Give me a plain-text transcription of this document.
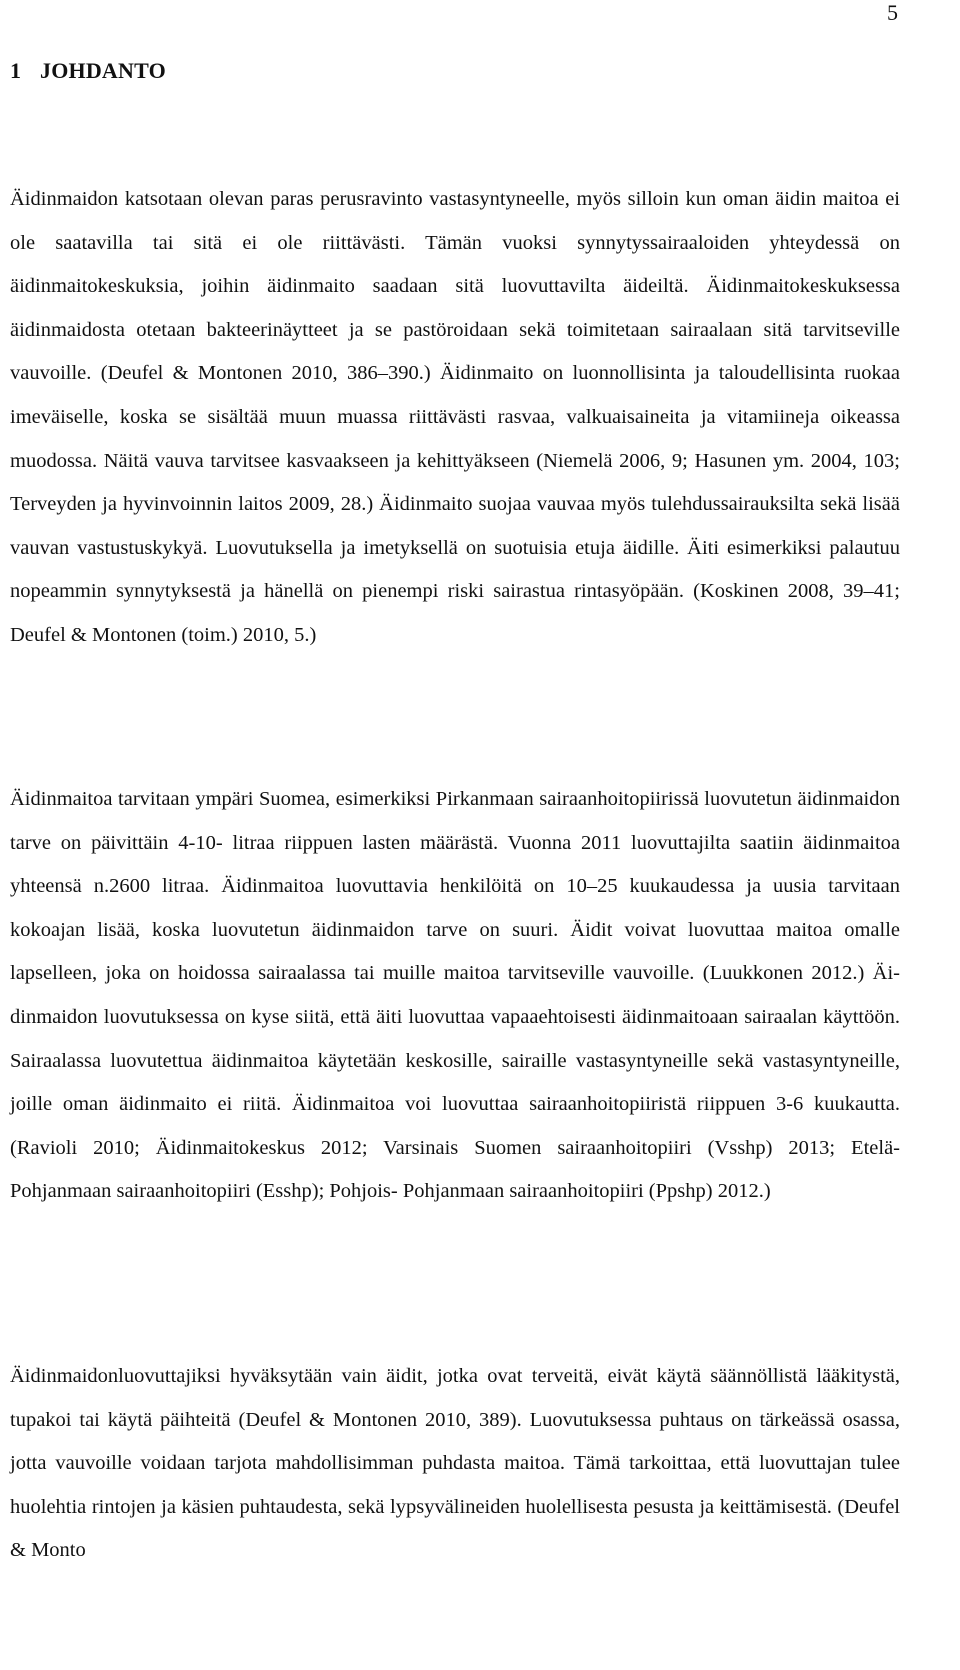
5
1 JOHDANTO

Äidinmaidon katsotaan olevan paras perusravinto vastasyntyneelle, myös silloin kun oman äidin maitoa ei ole saatavilla tai sitä ei ole riittävästi. Tämän vuoksi synnytyssairaaloiden yhteydessä on äidinmaitokeskuksia, joihin äidinmaito saadaan sitä luovuttavilta äideiltä. Äidinmaitokeskuksessa äidinmaidosta otetaan bakteerinäytteet ja se pastöroidaan sekä toimitetaan sairaalaan sitä tarvitseville vauvoille. (Deufel & Montonen 2010, 386–390.) Äidinmaito on luonnollisinta ja taloudellisinta ruokaa imeväiselle, koska se sisältää muun muassa riittävästi rasvaa, valkuaisaineita ja vitamiineja oikeassa muodossa. Näitä vauva tarvitsee kasvaakseen ja kehittyäkseen (Niemelä 2006, 9; Hasunen ym. 2004, 103; Terveyden ja hyvinvoinnin laitos 2009, 28.) Äidinmaito suojaa vauvaa myös tulehdussairauksilta sekä lisää vauvan vastustuskykyä. Luovutuksella ja imetyksellä on suotuisia etuja äidille. Äiti esimerkiksi palautuu nopeammin synnytyksestä ja hänellä on pienempi riski sairastua rintasyöpään. (Koskinen 2008, 39–41; Deufel & Montonen (toim.) 2010, 5.)

Äidinmaitoa tarvitaan ympäri Suomea, esimerkiksi Pirkanmaan sairaanhoitopiirissä luovutetun äidinmaidon tarve on päivittäin 4-10- litraa riippuen lasten määrästä. Vuonna 2011 luovuttajilta saatiin äidinmaitoa yhteensä n.2600 litraa. Äidinmaitoa luovuttavia henkilöitä on 10–25 kuukaudessa ja uusia tarvitaan kokoajan lisää, koska luovutetun äidinmaidon tarve on suuri. Äidit voivat luovuttaa maitoa omalle lapselleen, joka on hoidossa sairaalassa tai muille maitoa tarvitseville vauvoille. (Luukkonen 2012.) Äidinmaidon luovutuksessa on kyse siitä, että äiti luovuttaa vapaaehtoisesti äidinmaitoaan sairaalan käyttöön. Sairaalassa luovutettua äidinmaitoa käytetään keskosille, sairaille vastasyntyneille sekä vastasyntyneille, joille oman äidinmaito ei riitä. Äidinmaitoa voi luovuttaa sairaanhoitopiiristä riippuen 3-6 kuukautta. (Ravioli 2010; Äidinmaitokeskus 2012; Varsinais Suomen sairaanhoitopiiri (Vsshp) 2013; Etelä- Pohjanmaan sairaanhoitopiiri (Esshp); Pohjois- Pohjanmaan sairaanhoitopiiri (Ppshp) 2012.)

Äidinmaidonluovuttajiksi hyväksytään vain äidit, jotka ovat terveitä, eivät käytä säännöllistä lääkitystä, tupakoi tai käytä päihteitä (Deufel & Montonen 2010, 389). Luovutuksessa puhtaus on tärkeässä osassa, jotta vauvoille voidaan tarjota mahdollisimman puhdasta maitoa. Tämä tarkoittaa, että luovuttajan tulee huolehtia rintojen ja käsien puhtaudesta, sekä lypsyvälineiden huolellisesta pesusta ja keittämisestä. (Deufel & Monto
